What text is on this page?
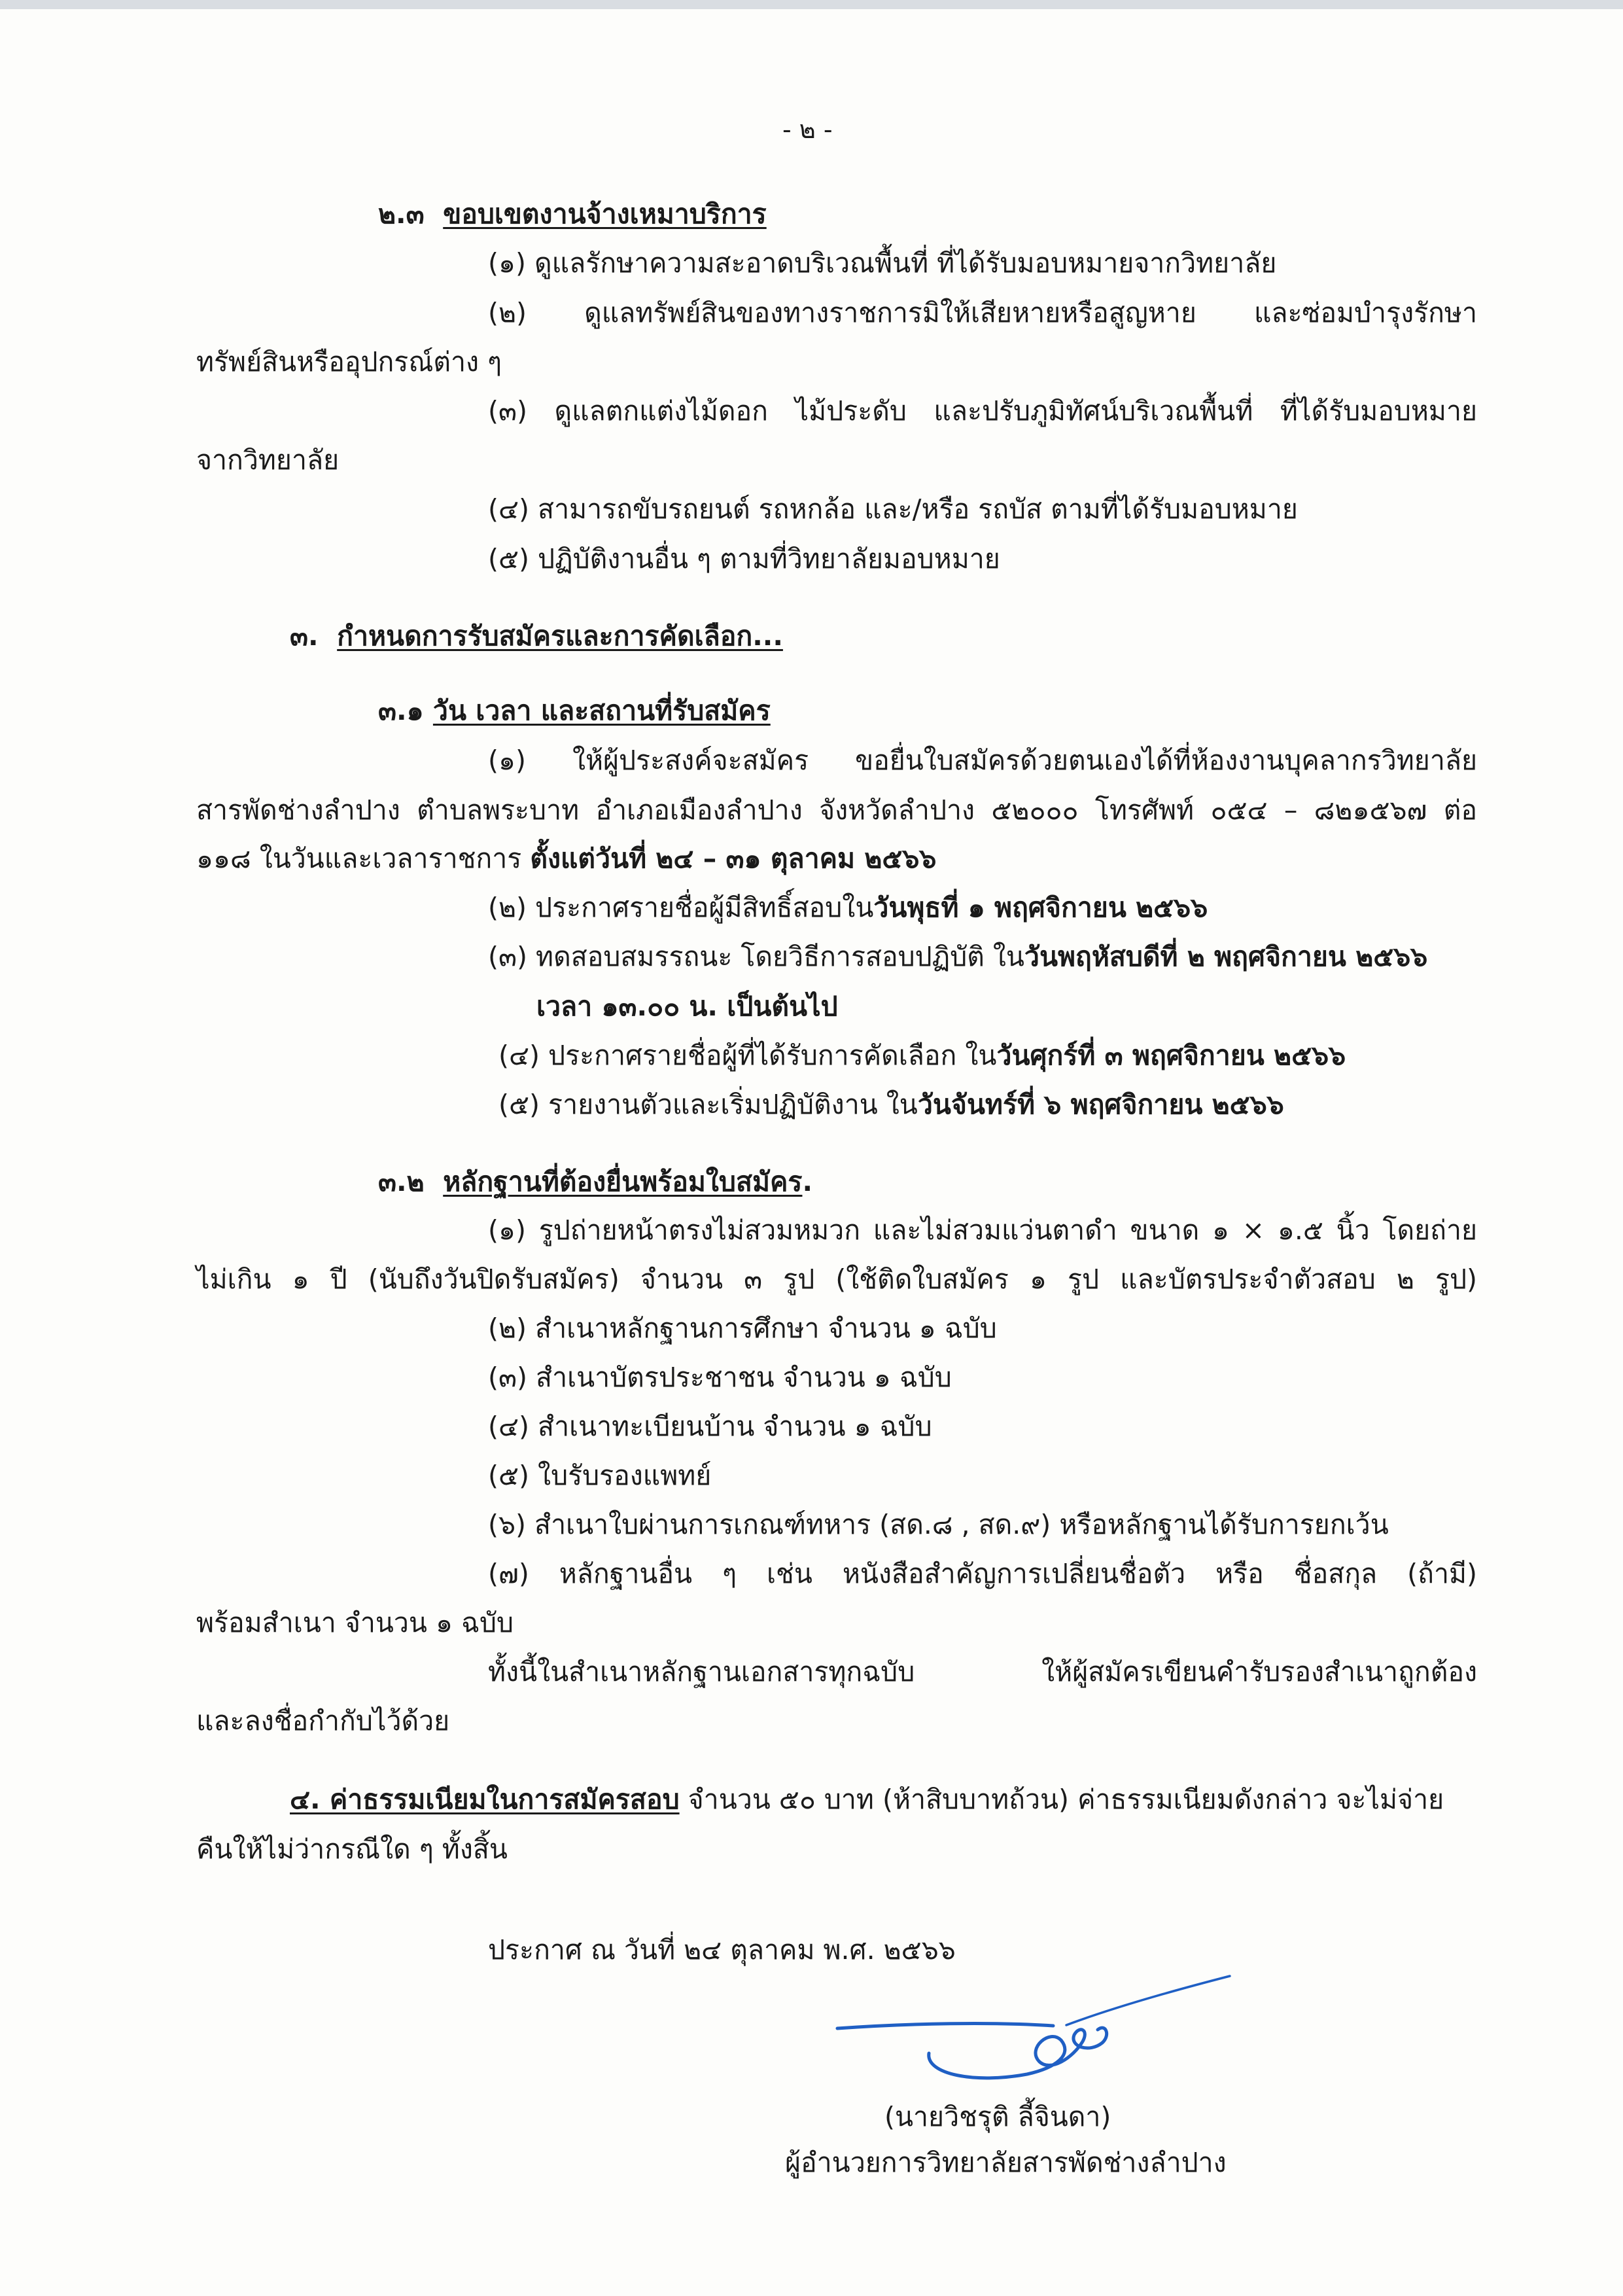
- ๒ -
๒.๓ ขอบเขตงานจ้างเหมาบริการ
(๑) ดูแลรักษาความสะอาดบริเวณพื้นที่ ที่ได้รับมอบหมายจากวิทยาลัย
(๒) ดูแลทรัพย์สินของทางราชการมิให้เสียหายหรือสูญหาย และซ่อมบำรุงรักษา
ทรัพย์สินหรืออุปกรณ์ต่าง ๆ
(๓) ดูแลตกแต่งไม้ดอก ไม้ประดับ และปรับภูมิทัศน์บริเวณพื้นที่ ที่ได้รับมอบหมาย
จากวิทยาลัย
(๔) สามารถขับรถยนต์ รถหกล้อ และ/หรือ รถบัส ตามที่ได้รับมอบหมาย
(๕) ปฏิบัติงานอื่น ๆ ตามที่วิทยาลัยมอบหมาย
๓. กำหนดการรับสมัครและการคัดเลือก...
๓.๑ วัน เวลา และสถานที่รับสมัคร
(๑) ให้ผู้ประสงค์จะสมัคร ขอยื่นใบสมัครด้วยตนเองได้ที่ห้องงานบุคลากรวิทยาลัย
สารพัดช่างลำปาง ตำบลพระบาท อำเภอเมืองลำปาง จังหวัดลำปาง ๕๒๐๐๐ โทรศัพท์ ๐๕๔ – ๘๒๑๕๖๗ ต่อ
๑๑๘ ในวันและเวลาราชการ ตั้งแต่วันที่ ๒๔ – ๓๑ ตุลาคม ๒๕๖๖
(๒) ประกาศรายชื่อผู้มีสิทธิ์สอบในวันพุธที่ ๑ พฤศจิกายน ๒๕๖๖
(๓) ทดสอบสมรรถนะ โดยวิธีการสอบปฏิบัติ ในวันพฤหัสบดีที่ ๒ พฤศจิกายน ๒๕๖๖
เวลา ๑๓.๐๐ น. เป็นต้นไป
(๔) ประกาศรายชื่อผู้ที่ได้รับการคัดเลือก ในวันศุกร์ที่ ๓ พฤศจิกายน ๒๕๖๖
(๕) รายงานตัวและเริ่มปฏิบัติงาน ในวันจันทร์ที่ ๖ พฤศจิกายน ๒๕๖๖
๓.๒ หลักฐานที่ต้องยื่นพร้อมใบสมัคร.
(๑) รูปถ่ายหน้าตรงไม่สวมหมวก และไม่สวมแว่นตาดำ ขนาด ๑ × ๑.๕ นิ้ว โดยถ่าย
ไม่เกิน ๑ ปี (นับถึงวันปิดรับสมัคร) จำนวน ๓ รูป (ใช้ติดใบสมัคร ๑ รูป และบัตรประจำตัวสอบ ๒ รูป)
(๒) สำเนาหลักฐานการศึกษา จำนวน ๑ ฉบับ
(๓) สำเนาบัตรประชาชน จำนวน ๑ ฉบับ
(๔) สำเนาทะเบียนบ้าน จำนวน ๑ ฉบับ
(๕) ใบรับรองแพทย์
(๖) สำเนาใบผ่านการเกณฑ์ทหาร (สด.๘ , สด.๙) หรือหลักฐานได้รับการยกเว้น
(๗) หลักฐานอื่น ๆ เช่น หนังสือสำคัญการเปลี่ยนชื่อตัว หรือ ชื่อสกุล (ถ้ามี)
พร้อมสำเนา จำนวน ๑ ฉบับ
ทั้งนี้ในสำเนาหลักฐานเอกสารทุกฉบับ ให้ผู้สมัครเขียนคำรับรองสำเนาถูกต้อง
และลงชื่อกำกับไว้ด้วย
๔. ค่าธรรมเนียมในการสมัครสอบ จำนวน ๕๐ บาท (ห้าสิบบาทถ้วน) ค่าธรรมเนียมดังกล่าว จะไม่จ่าย
คืนให้ไม่ว่ากรณีใด ๆ ทั้งสิ้น
ประกาศ ณ วันที่ ๒๔ ตุลาคม พ.ศ. ๒๕๖๖
(นายวิชรุติ ลี้จินดา)
ผู้อำนวยการวิทยาลัยสารพัดช่างลำปาง
